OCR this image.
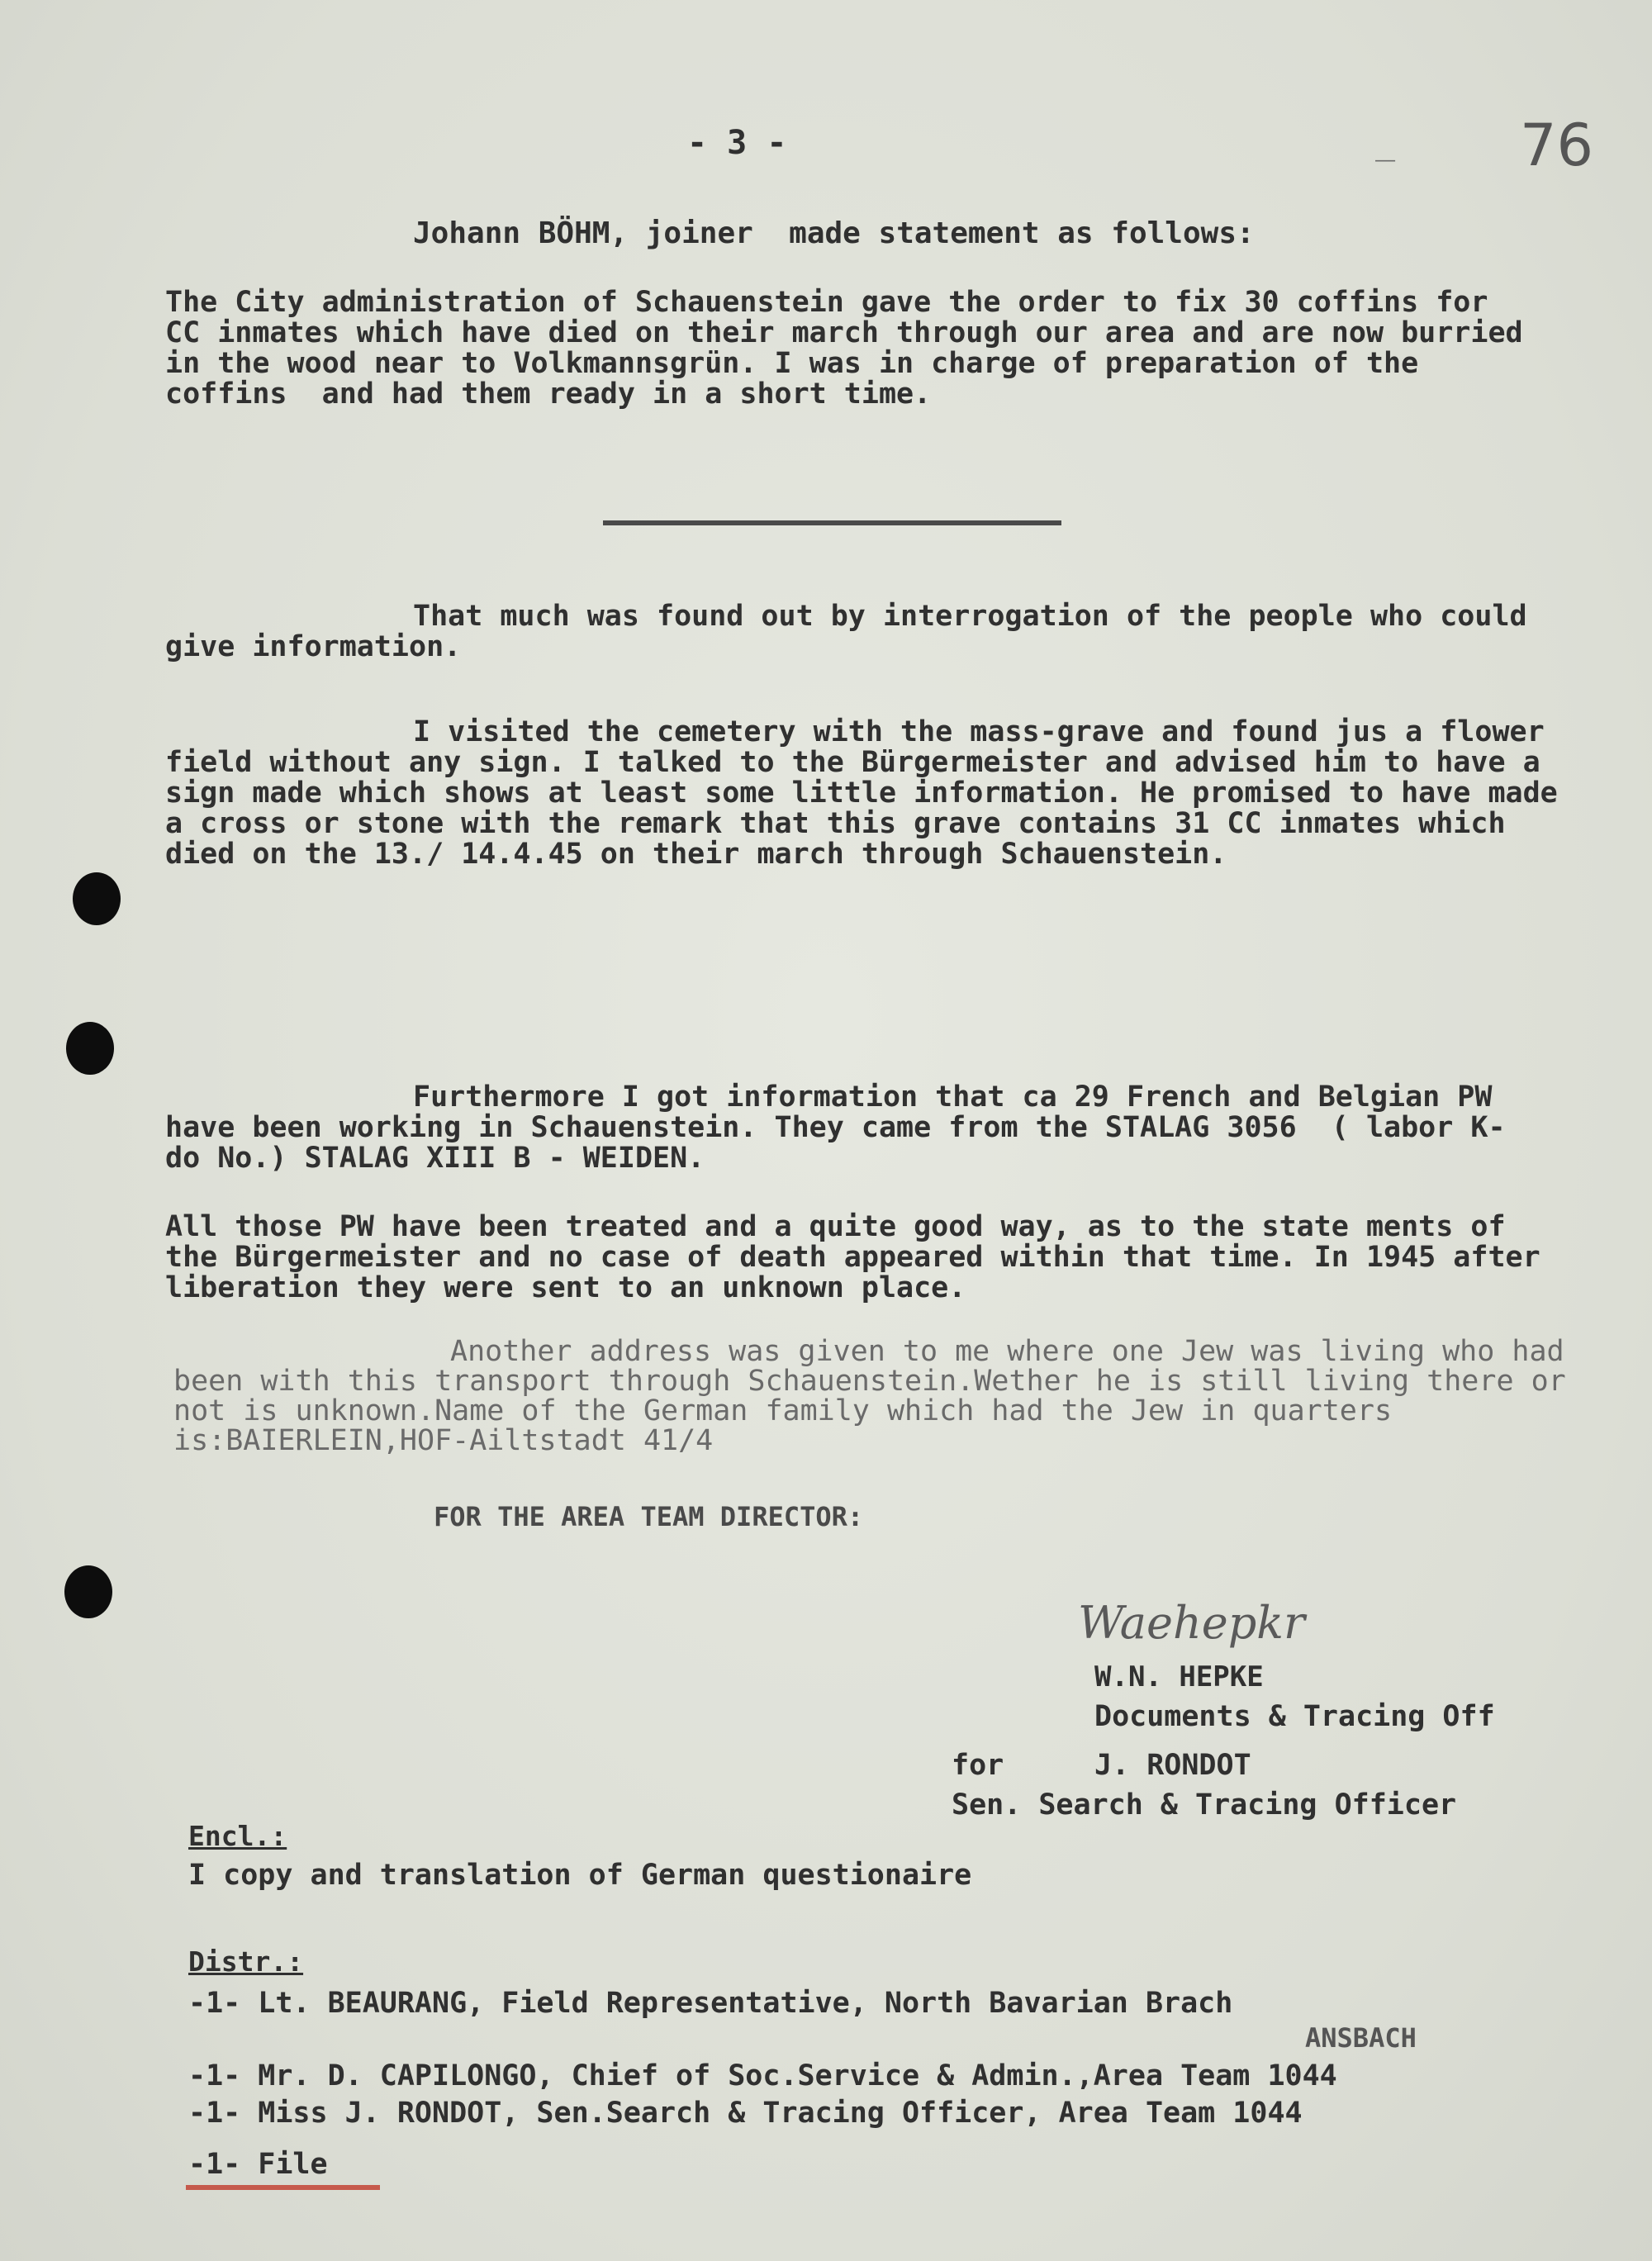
- 3 -	_ 76
Johann BÖHM, joiner  made statement as follows:
The City administration of Schauenstein gave the order to fix 30 coffins for CC inmates which have died on their march through our area and are now burried in the wood near to Volkmannsgrün. I was in charge of preparation of the coffins  and had them ready in a short time.
That much was found out by interrogation of the people who could give information.
I visited the cemetery with the mass-grave and found jus a flower field without any sign. I talked to the Bürgermeister and advised him to have a sign made which shows at least some little information. He promised to have made a cross or stone with the remark that this grave contains 31 CC inmates which died on the 13./ 14.4.45 on their march through Schauenstein.
Furthermore I got information that ca 29 French and Belgian PW have been working in Schauenstein. They came from the STALAG 3056  ( labor K-do No.) STALAG XIII B - WEIDEN.
All those PW have been treated and a quite good way, as to the state ments of the Bürgermeister and no case of death appeared within that time. In 1945 after liberation they were sent to an unknown place.
Another address was given to me where one Jew was living who had been with this transport through Schauenstein.Wether he is still living there or not is unknown.Name of the German family which had the Jew in quarters is:BAIERLEIN,HOF-Ailtstadt 41/4
FOR THE AREA TEAM DIRECTOR:
Waehepkr
W.N. HEPKE
Documents & Tracing Off
for	J. RONDOT
Sen. Search & Tracing Officer
Encl.:
I copy and translation of German questionaire
Distr.:
-1- Lt. BEAURANG, Field Representative, North Bavarian Brach
ANSBACH
-1- Mr. D. CAPILONGO, Chief of Soc.Service & Admin.,Area Team 1044
-1- Miss J. RONDOT, Sen.Search & Tracing Officer, Area Team 1044
-1- File
